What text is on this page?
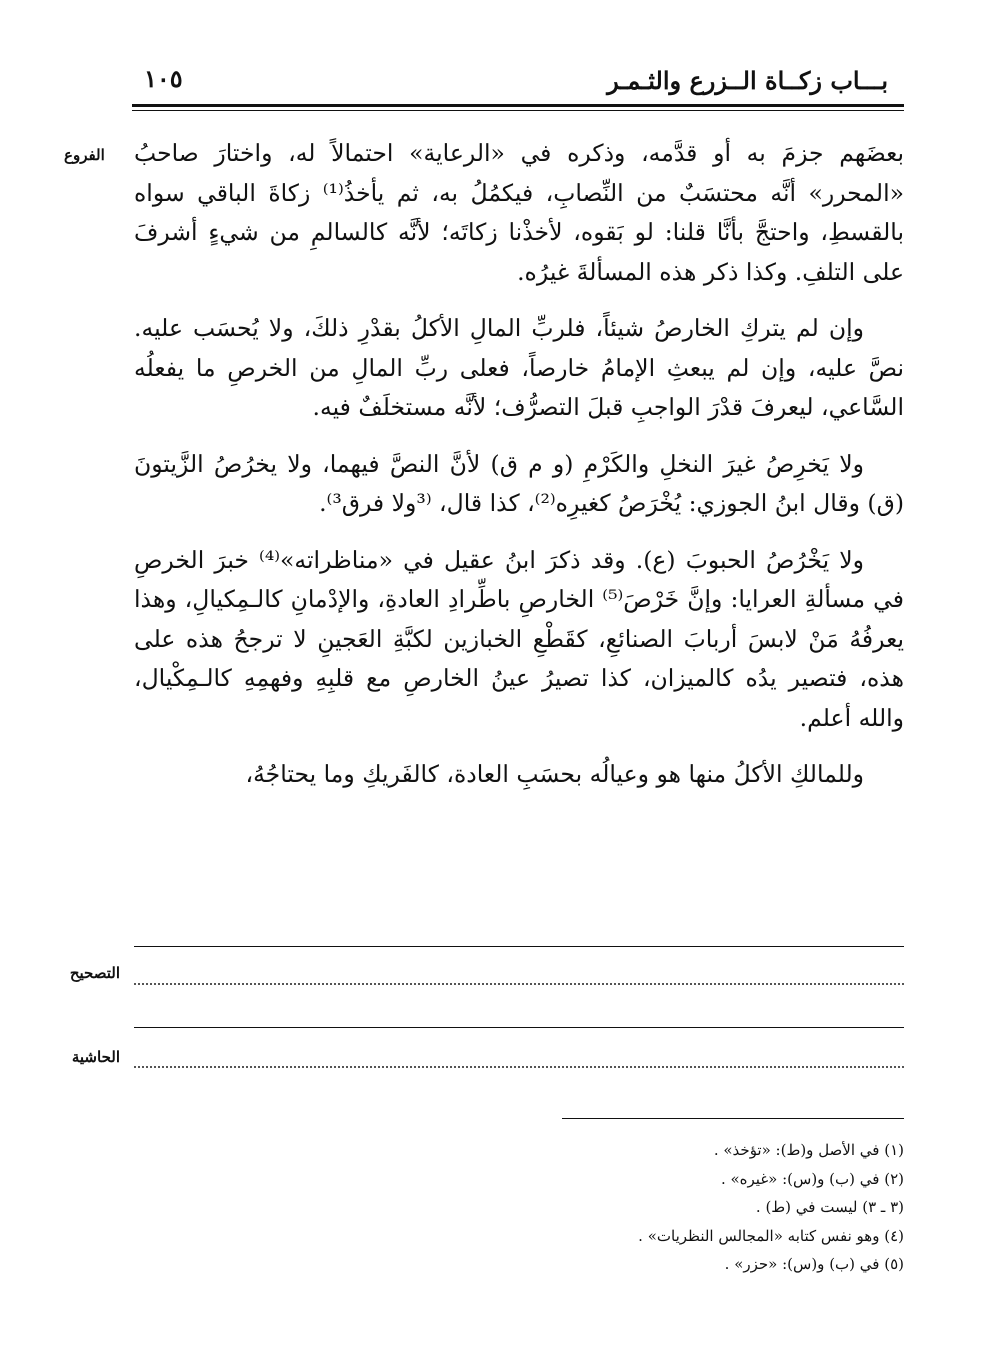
بـــاب زكــاة الــزرع والثـمـر
١٠٥
الفروع بعضَهم جزمَ به أو قدَّمه، وذكره في «الرعاية» احتمالاً له، واختارَ صاحبُ «المحرر» أنَّه محتسَبٌ من النِّصابِ، فيكمُلُ به، ثم يأخذُ⁽¹⁾ زكاةَ الباقي سواه بالقسطِ، واحتجَّ بأنَّا قلنا: لو بَقوه، لأخذْنا زكاتَه؛ لأنَّه كالسالمِ من شيءٍ أشرفَ على التلفِ. وكذا ذكر هذه المسألةَ غيرُه.

وإن لم يتركِ الخارصُ شيئاً، فلربِّ المالِ الأكلُ بقدْرِ ذلكَ، ولا يُحسَب عليه. نصَّ عليه، وإن لم يبعثِ الإمامُ خارصاً، فعلى ربِّ المالِ من الخرصِ ما يفعلُه السَّاعي، ليعرفَ قدْرَ الواجبِ قبلَ التصرُّف؛ لأنَّه مستخلَفٌ فيه.

ولا يَخرِصُ غيرَ النخلِ والكَرْمِ (و م ق) لأنَّ النصَّ فيهما، ولا يخرُصُ الزَّيتونَ (ق) وقال ابنُ الجوزي: يُخْرَصُ كغيرِه⁽²⁾، كذا قال، ⁽³ولا فرق³⁾.

ولا يَخْرُصُ الحبوبَ (ع). وقد ذكرَ ابنُ عقيل في «مناظراته»⁽⁴⁾ خبرَ الخرصِ في مسألةِ العرايا: وإنَّ خَرْصَ⁽⁵⁾ الخارصِ باطِّرادِ العادةِ، والإدْمانِ كالـمِكيالِ، وهذا يعرفُهُ مَنْ لابسَ أربابَ الصنائعِ، كقَطْعِ الخبازين لكبَّةِ العَجينِ لا ترجحُ هذه على هذه، فتصير يدُه كالميزان، كذا تصيرُ عينُ الخارصِ مع قلبِهِ وفهمِهِ كالـمِكْيال، والله أعلم.

وللمالكِ الأكلُ منها هو وعيالُه بحسَبِ العادة، كالفَريكِ وما يحتاجُهُ،

التصحيح
الحاشية
(١) في الأصل و(ط): «تؤخذ» .
(٢) في (ب) و(س): «غيره» .
(٣ ـ ٣) ليست في (ط) .
(٤) وهو نفس كتابه «المجالس النظريات» .
(٥) في (ب) و(س): «حزر» .
